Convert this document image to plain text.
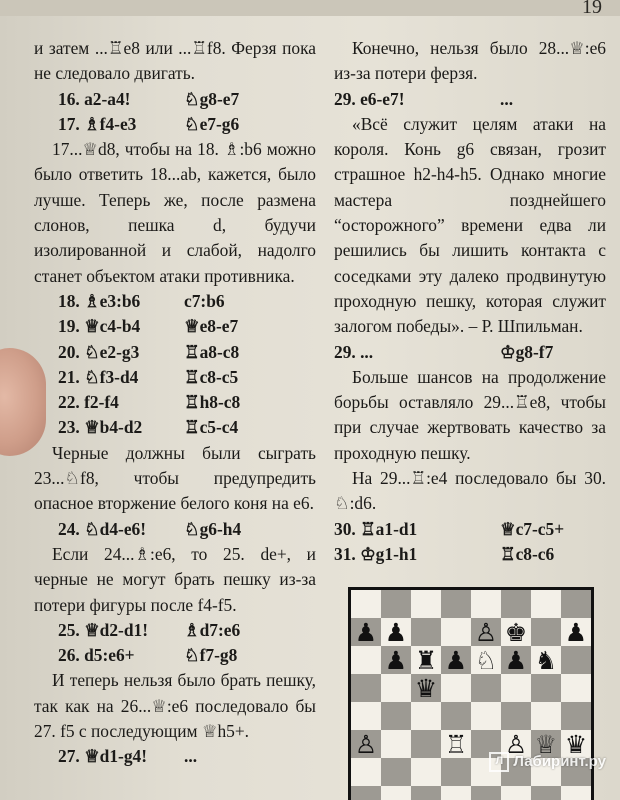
19

и затем ...♖e8 или ...♖f8. Ферзя пока не следовало двигать.

16. a2-a4!	♘g8-e7
17. ♗f4-e3	♘e7-g6

17...♕d8, чтобы на 18. ♗:b6 можно было ответить 18...ab, кажется, было лучше. Теперь же, после размена слонов, пешка d, будучи изолированной и слабой, надолго станет объектом атаки противника.

18. ♗e3:b6	c7:b6
19. ♕c4-b4	♕e8-e7
20. ♘e2-g3	♖a8-c8
21. ♘f3-d4	♖c8-c5
22. f2-f4	♖h8-c8
23. ♕b4-d2	♖c5-c4

Черные должны были сыграть 23...♘f8, чтобы предупредить опасное вторжение белого коня на e6.

24. ♘d4-e6!	♘g6-h4

Если 24...♗:e6, то 25. de+, и черные не могут брать пешку из-за потери фигуры после f4-f5.

25. ♕d2-d1!	♗d7:e6
26. d5:e6+	♘f7-g8

И теперь нельзя было брать пешку, так как на 26...♕:e6 последовало бы 27. f5 с последующим ♕h5+.

27. ♕d1-g4!	...

Конечно, нельзя было 28...♕:e6 из-за потери ферзя.

29. e6-e7!	...

«Всё служит целям атаки на короля. Конь g6 связан, грозит страшное h2-h4-h5. Однако многие мастера позднейшего “осторожного” времени едва ли решились бы лишить контакта с соседками эту далеко продвинутую проходную пешку, которая служит залогом победы». – Р. Шпильман.

29. ...	♔g8-f7

Больше шансов на продолжение борьбы оставляло 29...♖e8, чтобы при случае жертвовать качество за проходную пешку.

На 29...♖:e4 последовало бы 30. ♘:d6.

30. ♖a1-d1	♕c7-c5+
31. ♔g1-h1	♖c8-c6
♟ ♟	♙ ♚ ♟
♟ ♜ ♟ ♟ ♞
♛
♘
♙	♖ ♙ ♕ ♛
Л Лабиринт.ру
